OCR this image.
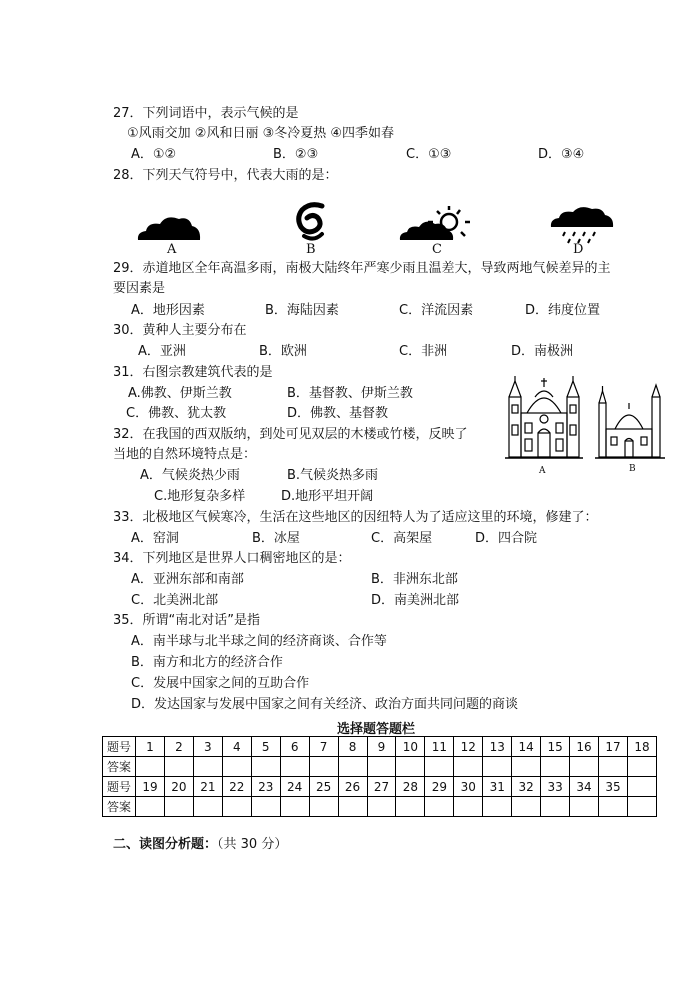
27．下列词语中，表示气候的是
①风雨交加 ②风和日丽 ③冬冷夏热 ④四季如春
A．①②	B．②③	C．①③	D．③④
28．下列天气符号中，代表大雨的是：
A	B	C	D
29．赤道地区全年高温多雨，南极大陆终年严寒少雨且温差大，导致两地气候差异的主
要因素是
A．地形因素	B．海陆因素	C．洋流因素	D．纬度位置
30．黄种人主要分布在
A．亚洲	B．欧洲	C．非洲	D．南极洲
31．右图宗教建筑代表的是
A.佛教、伊斯兰教	B．基督教、伊斯兰教
C．佛教、犹太教	D．佛教、基督教
A	B
32．在我国的西双版纳，到处可见双层的木楼或竹楼，反映了
当地的自然环境特点是：
A．气候炎热少雨	B.气候炎热多雨
C.地形复杂多样	D.地形平坦开阔
33．北极地区气候寒冷，生活在这些地区的因纽特人为了适应这里的环境，修建了：
A．窑洞	B．冰屋	C．高架屋	D．四合院
34．下列地区是世界人口稠密地区的是：
A．亚洲东部和南部	B．非洲东北部
C．北美洲北部	D．南美洲北部
35．所谓“南北对话”是指
A．南半球与北半球之间的经济商谈、合作等
B．南方和北方的经济合作
C．发展中国家之间的互助合作
D．发达国家与发展中国家之间有关经济、政治方面共同问题的商谈
选择题答题栏
题号	1	2	3	4	5	6	7	8	9	10	11	12	13	14	15	16	17	18
答案																		
题号	19	20	21	22	23	24	25	26	27	28	29	30	31	32	33	34	35	
答案																		
二、读图分析题：（共 30 分）
